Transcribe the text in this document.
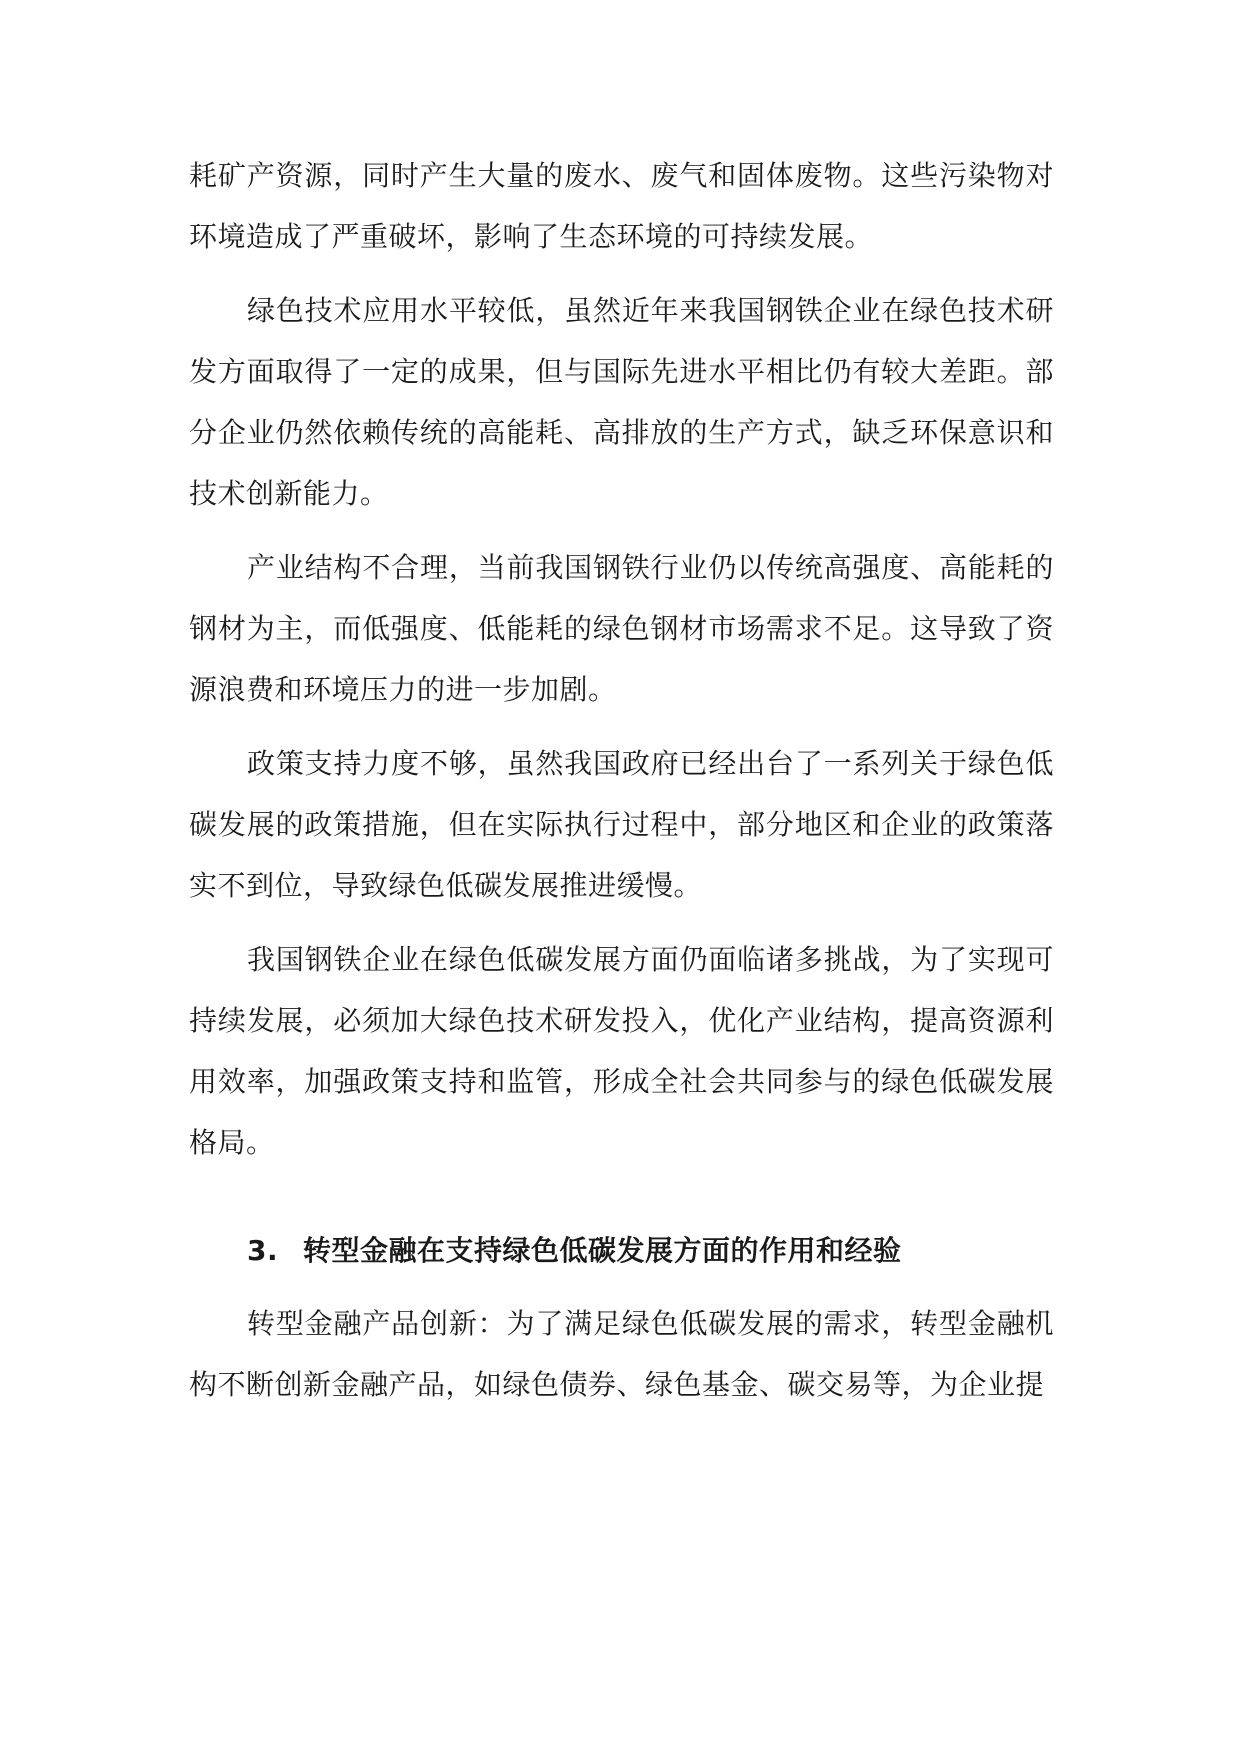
耗矿产资源，同时产生大量的废水、废气和固体废物。这些污染物对环境造成了严重破坏，影响了生态环境的可持续发展。

绿色技术应用水平较低，虽然近年来我国钢铁企业在绿色技术研发方面取得了一定的成果，但与国际先进水平相比仍有较大差距。部分企业仍然依赖传统的高能耗、高排放的生产方式，缺乏环保意识和技术创新能力。

产业结构不合理，当前我国钢铁行业仍以传统高强度、高能耗的钢材为主，而低强度、低能耗的绿色钢材市场需求不足。这导致了资源浪费和环境压力的进一步加剧。

政策支持力度不够，虽然我国政府已经出台了一系列关于绿色低碳发展的政策措施，但在实际执行过程中，部分地区和企业的政策落实不到位，导致绿色低碳发展推进缓慢。

我国钢铁企业在绿色低碳发展方面仍面临诸多挑战，为了实现可持续发展，必须加大绿色技术研发投入，优化产业结构，提高资源利用效率，加强政策支持和监管，形成全社会共同参与的绿色低碳发展格局。

3. 转型金融在支持绿色低碳发展方面的作用和经验

转型金融产品创新：为了满足绿色低碳发展的需求，转型金融机构不断创新金融产品，如绿色债券、绿色基金、碳交易等，为企业提
